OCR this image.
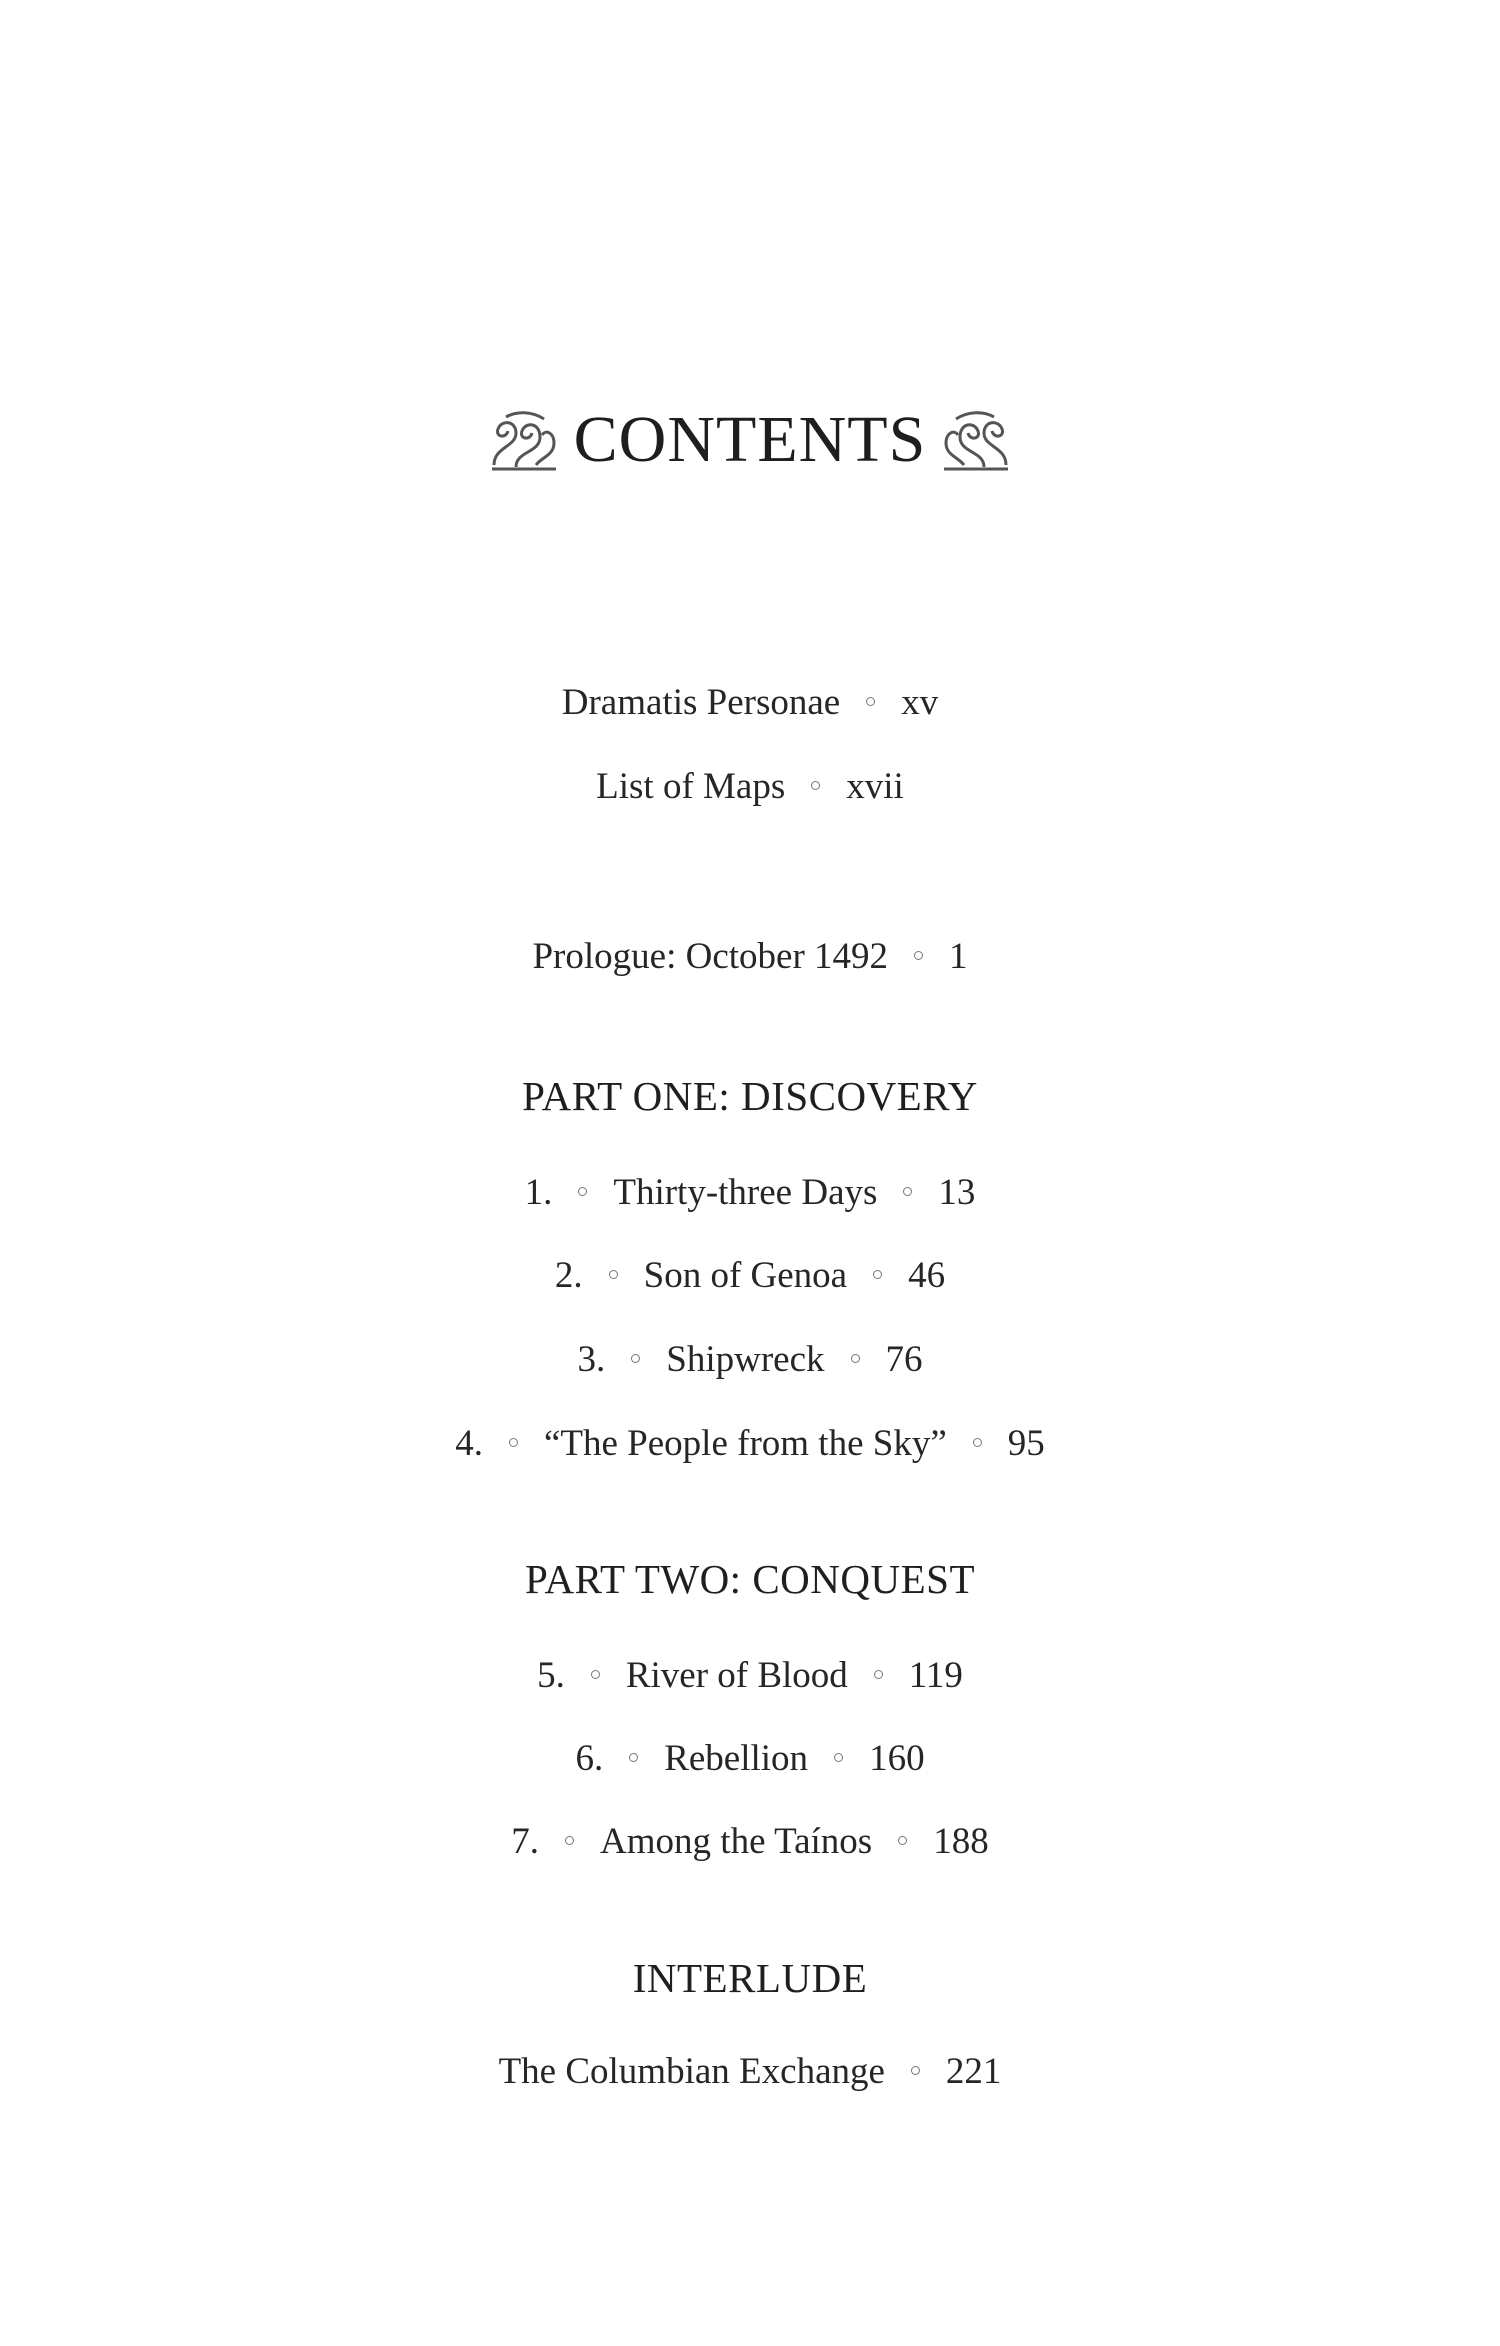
CONTENTS
Dramatis Personae xv
List of Maps xvii
Prologue: October 1492 1
PART ONE: DISCOVERY
1. Thirty-three Days 13
2. Son of Genoa 46
3. Shipwreck 76
4. “The People from the Sky” 95
PART TWO: CONQUEST
5. River of Blood 119
6. Rebellion 160
7. Among the Taínos 188
INTERLUDE
The Columbian Exchange 221
